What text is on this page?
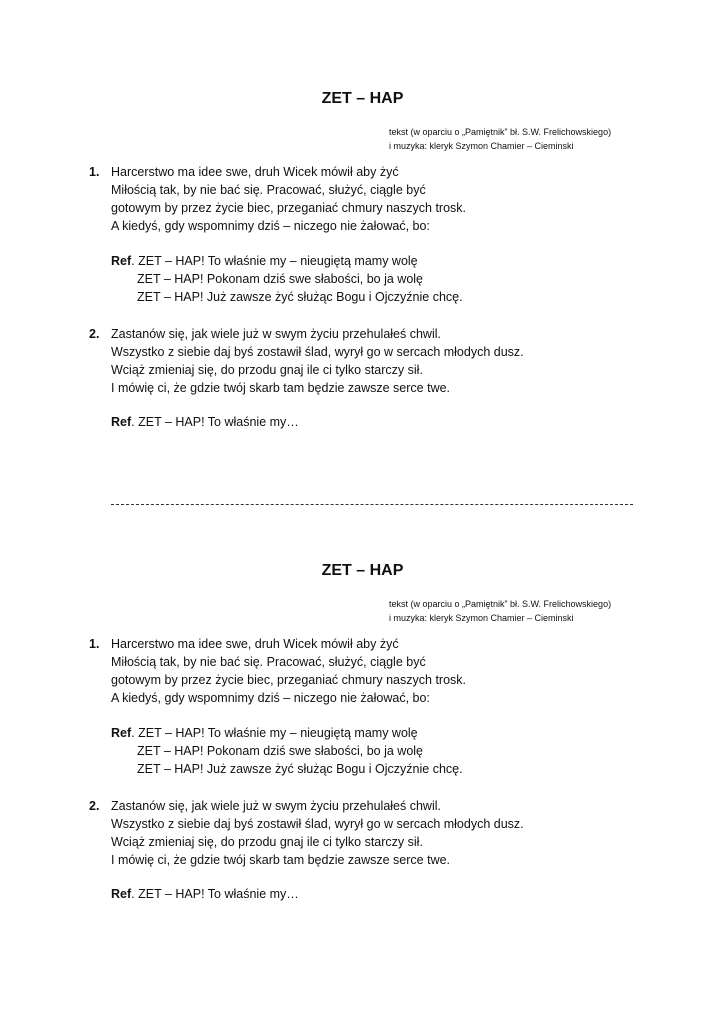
ZET – HAP
tekst (w oparciu o „Pamiętnik” bł. S.W. Frelichowskiego)
i muzyka: kleryk Szymon Chamier – Cieminski
1. Harcerstwo ma idee swe, druh Wicek mówił aby żyć
Miłością tak, by nie bać się. Pracować, służyć, ciągle być
gotowym by przez życie biec, przeganiać chmury naszych trosk.
A kiedyś, gdy wspomnimy dziś – niczego nie żałować, bo:
Ref. ZET – HAP! To właśnie my – nieugiętą mamy wolę
ZET – HAP! Pokonam dziś swe słabości, bo ja wolę
ZET – HAP! Już zawsze żyć służąc Bogu i Ojczyźnie chcę.
2. Zastanów się, jak wiele już w swym życiu przehulałeś chwil.
Wszystko z siebie daj byś zostawił ślad, wyrył go w sercach młodych dusz.
Wciąż zmieniaj się, do przodu gnaj ile ci tylko starczy sił.
I mówię ci, że gdzie twój skarb tam będzie zawsze serce twe.
Ref. ZET – HAP! To właśnie my…
ZET – HAP
tekst (w oparciu o „Pamiętnik” bł. S.W. Frelichowskiego)
i muzyka: kleryk Szymon Chamier – Cieminski
1. Harcerstwo ma idee swe, druh Wicek mówił aby żyć
Miłością tak, by nie bać się. Pracować, służyć, ciągle być
gotowym by przez życie biec, przeganiać chmury naszych trosk.
A kiedyś, gdy wspomnimy dziś – niczego nie żałować, bo:
Ref. ZET – HAP! To właśnie my – nieugiętą mamy wolę
ZET – HAP! Pokonam dziś swe słabości, bo ja wolę
ZET – HAP! Już zawsze żyć służąc Bogu i Ojczyźnie chcę.
2. Zastanów się, jak wiele już w swym życiu przehulałeś chwil.
Wszystko z siebie daj byś zostawił ślad, wyrył go w sercach młodych dusz.
Wciąż zmieniaj się, do przodu gnaj ile ci tylko starczy sił.
I mówię ci, że gdzie twój skarb tam będzie zawsze serce twe.
Ref. ZET – HAP! To właśnie my…
